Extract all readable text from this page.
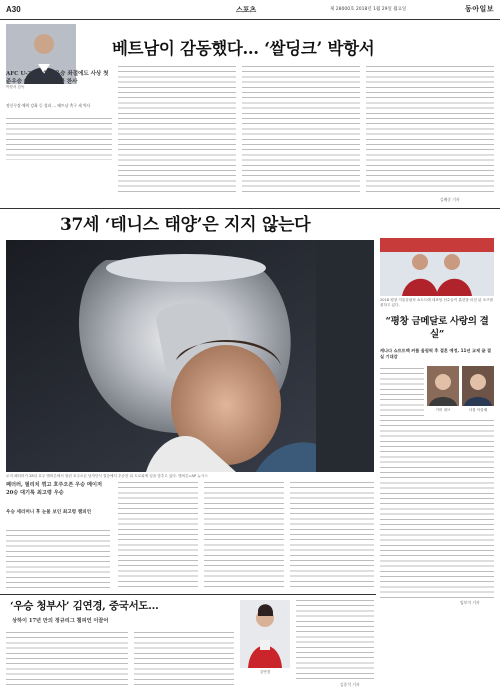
A30	스포츠	제 28000호 2018년 1월 29일 월요일	동아일보
박항서 감독
베트남이 감동했다… ‘쌀딩크’ 박항서
AFC U-23 선수권 우승 좌절에도 사상 첫 준우승 이끈 지도력에 큰 찬사
정신무장·체력 강화 등 성과 … 베트남 축구 새 역사
김배중 기자
37세 ‘테니스 태양’은 지지 않는다
로저 페더러가 28일 호주 멜버른에서 열린 호주오픈 남자단식 결승에서 우승한 뒤 트로피에 입을 맞추고 있다. 멜버른=AP 뉴시스
2018 평창 겨울올림픽 쇼트트랙 대표팀 선수들이 훈련을 마친 뒤 포즈를 취하고 있다.
“평창 금메달로 사랑의 결실”
캐나다 쇼트트랙 커플 올림픽 후 결혼 예정, 11년 교제 끝 결실 기대감
가비 대브	샤를 아믈랭
임보미 기자
페더러, 필리치 꺾고 호주오픈 우승 메이저 20승 대기록 최고령 우승
우승 세리머니 후 눈물 보인 최고령 챔피언
‘우승 청부사’ 김연경, 중국서도…
상하이 17년 만의 정규리그 챔피언 이끌어
김연경
김종석 기자
